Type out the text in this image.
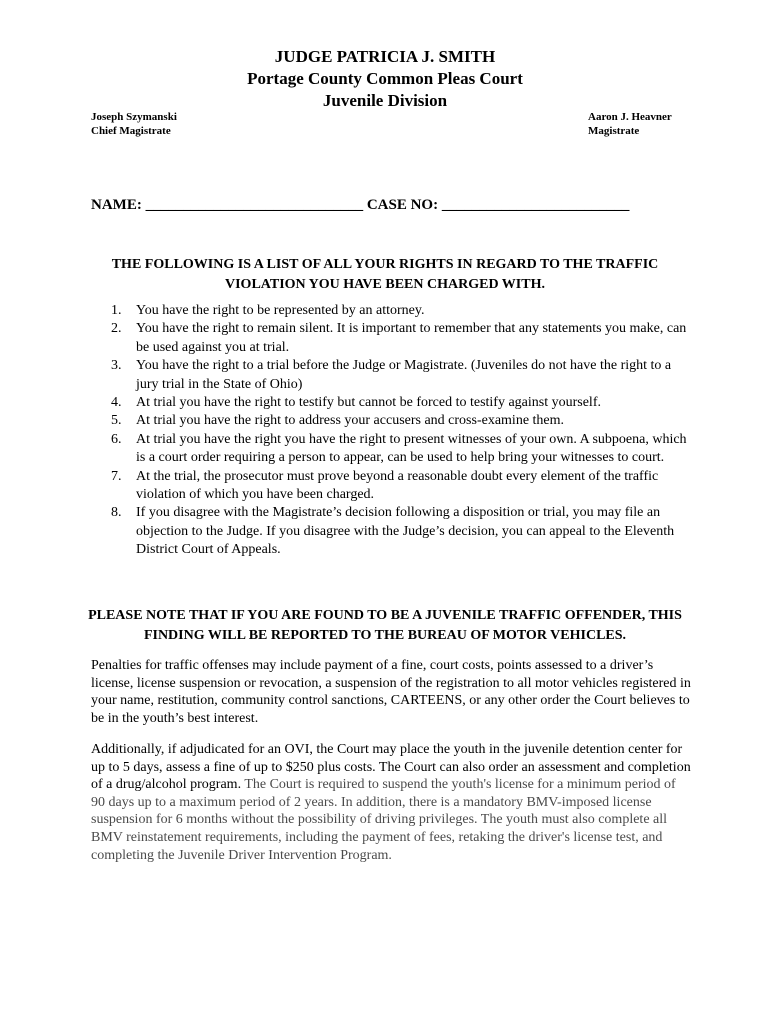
JUDGE PATRICIA J. SMITH
Portage County Common Pleas Court
Juvenile Division
Joseph Szymanski
Chief Magistrate
Aaron J. Heavner
Magistrate
NAME: _____________________________ CASE NO: _________________________
THE FOLLOWING IS A LIST OF ALL YOUR RIGHTS IN REGARD TO THE TRAFFIC VIOLATION YOU HAVE BEEN CHARGED WITH.
1. You have the right to be represented by an attorney.
2. You have the right to remain silent. It is important to remember that any statements you make, can be used against you at trial.
3. You have the right to a trial before the Judge or Magistrate. (Juveniles do not have the right to a jury trial in the State of Ohio)
4. At trial you have the right to testify but cannot be forced to testify against yourself.
5. At trial you have the right to address your accusers and cross-examine them.
6. At trial you have the right you have the right to present witnesses of your own. A subpoena, which is a court order requiring a person to appear, can be used to help bring your witnesses to court.
7. At the trial, the prosecutor must prove beyond a reasonable doubt every element of the traffic violation of which you have been charged.
8. If you disagree with the Magistrate’s decision following a disposition or trial, you may file an objection to the Judge. If you disagree with the Judge’s decision, you can appeal to the Eleventh District Court of Appeals.
PLEASE NOTE THAT IF YOU ARE FOUND TO BE A JUVENILE TRAFFIC OFFENDER, THIS FINDING WILL BE REPORTED TO THE BUREAU OF MOTOR VEHICLES.

Penalties for traffic offenses may include payment of a fine, court costs, points assessed to a driver’s license, license suspension or revocation, a suspension of the registration to all motor vehicles registered in your name, restitution, community control sanctions, CARTEENS, or any other order the Court believes to be in the youth’s best interest.

Additionally, if adjudicated for an OVI, the Court may place the youth in the juvenile detention center for up to 5 days, assess a fine of up to $250 plus costs. The Court can also order an assessment and completion of a drug/alcohol program. The Court is required to suspend the youth's license for a minimum period of 90 days up to a maximum period of 2 years. In addition, there is a mandatory BMV-imposed license suspension for 6 months without the possibility of driving privileges. The youth must also complete all BMV reinstatement requirements, including the payment of fees, retaking the driver's license test, and completing the Juvenile Driver Intervention Program.
